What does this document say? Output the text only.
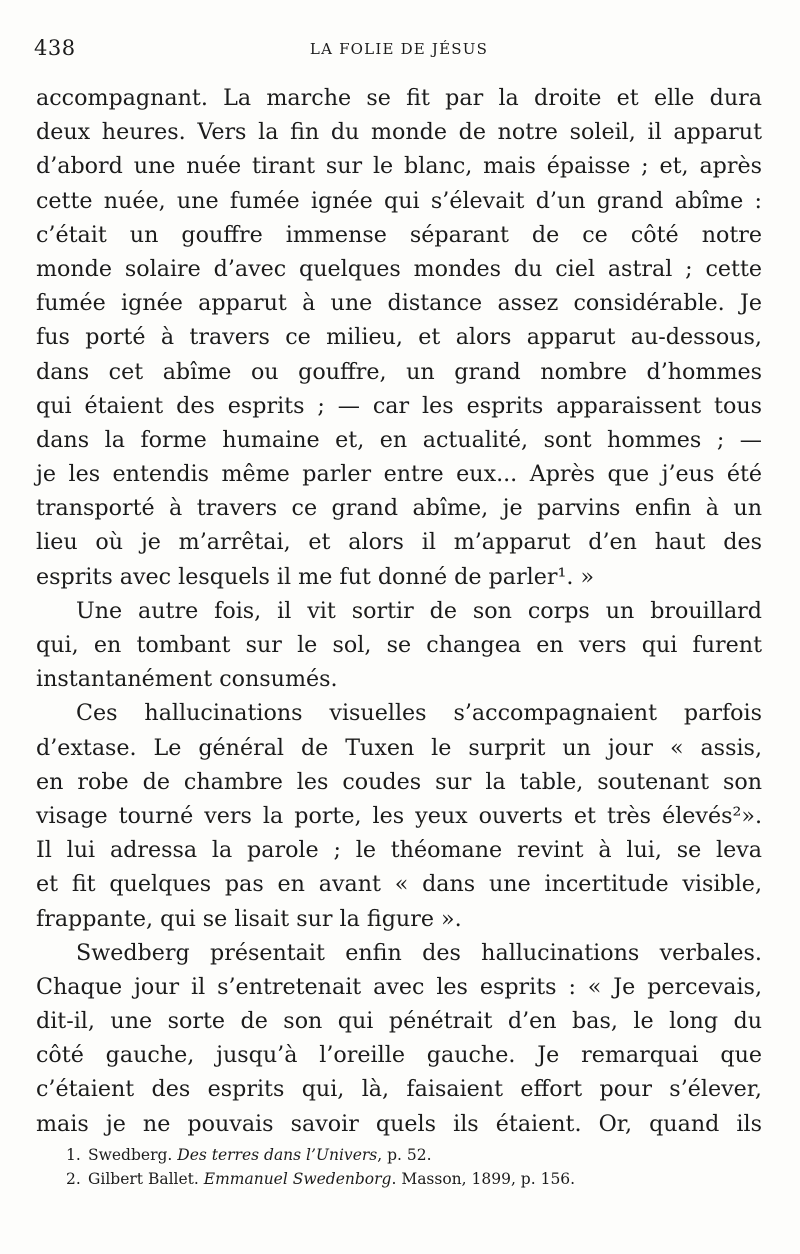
438	LA FOLIE DE JÉSUS
accompagnant. La marche se fit par la droite et elle dura
deux heures. Vers la fin du monde de notre soleil, il apparut
d’abord une nuée tirant sur le blanc, mais épaisse ; et, après
cette nuée, une fumée ignée qui s’élevait d’un grand abîme :
c’était un gouffre immense séparant de ce côté notre
monde solaire d’avec quelques mondes du ciel astral ; cette
fumée ignée apparut à une distance assez considérable. Je
fus porté à travers ce milieu, et alors apparut au-dessous,
dans cet abîme ou gouffre, un grand nombre d’hommes
qui étaient des esprits ; — car les esprits apparaissent tous
dans la forme humaine et, en actualité, sont hommes ; —
je les entendis même parler entre eux... Après que j’eus été
transporté à travers ce grand abîme, je parvins enfin à un
lieu où je m’arrêtai, et alors il m’apparut d’en haut des
esprits avec lesquels il me fut donné de parler¹. »
Une autre fois, il vit sortir de son corps un brouillard
qui, en tombant sur le sol, se changea en vers qui furent
instantanément consumés.
Ces hallucinations visuelles s’accompagnaient parfois
d’extase. Le général de Tuxen le surprit un jour « assis,
en robe de chambre les coudes sur la table, soutenant son
visage tourné vers la porte, les yeux ouverts et très élevés²».
Il lui adressa la parole ; le théomane revint à lui, se leva
et fit quelques pas en avant « dans une incertitude visible,
frappante, qui se lisait sur la figure ».
Swedberg présentait enfin des hallucinations verbales.
Chaque jour il s’entretenait avec les esprits : « Je percevais,
dit-il, une sorte de son qui pénétrait d’en bas, le long du
côté gauche, jusqu’à l’oreille gauche. Je remarquai que
c’étaient des esprits qui, là, faisaient effort pour s’élever,
mais je ne pouvais savoir quels ils étaient. Or, quand ils
1. Swedberg. Des terres dans l’Univers, p. 52.
2. Gilbert Ballet. Emmanuel Swedenborg. Masson, 1899, p. 156.
